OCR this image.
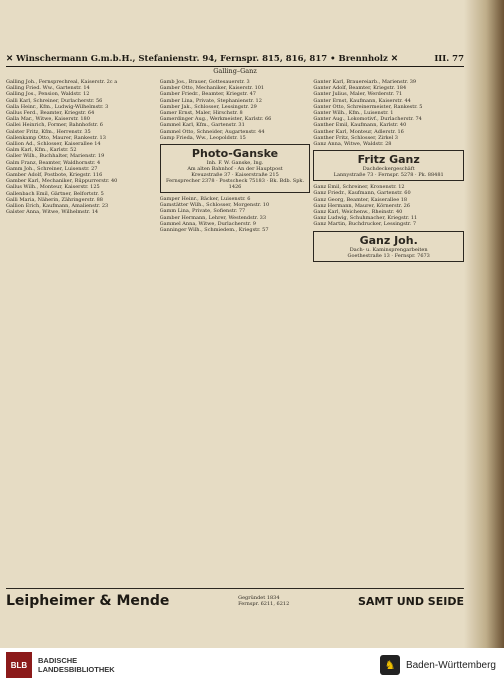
✕ Winschermann G.m.b.H., Stefanienstr. 94, Fernspr. 815, 816, 817 • Brennholz ✕	III. 77
Galling–Ganz

Galling Joh., Fernsprechreal, Kaiserstr. 2c a

Galling Fried. Ww., Gartenstr. 14

Galling Jos., Pension, Waldstr. 12

Galli Karl, Schreiner, Durlacherstr. 56

Galla Heinr., Kfm., Ludwig-Wilhelmstr. 3

Gallus Ferd., Beamter, Kriegstr. 64

Galla Mar., Witwe, Kaiserstr. 180

Gallei Heinrich, Former, Bahnhofstr. 6

Galster Fritz, Kfm., Herrenstr. 35

Gallenkamp Otto, Maurer, Rankestr. 13

Gallion Ad., Schlosser, Kaiserallee 14

Galm Karl, Kfm., Karlstr. 52

Galler Wilh., Buchhalter, Marienstr. 19

Galm Franz, Beamter, Waldhornstr. 4

Gamm Joh., Schreiner, Luisenstr. 27

Gamber Adolf, Postbote, Kriegstr. 116

Gamber Karl, Mechaniker, Rüppurrerstr. 40

Gallus Wilh., Monteur, Kaiserstr. 125

Gallenbach Emil, Gärtner, Belfortstr. 5

Galli Maria, Näherin, Zähringerstr. 88

Gallion Erich, Kaufmann, Amalienstr. 23

Galster Anna, Witwe, Wilhelmstr. 14

Gamb Jos., Brauer, Gottesauerstr. 3

Gamber Otto, Mechaniker, Kaiserstr. 101

Gamber Friedr., Beamter, Kriegstr. 47

Gamber Lina, Private, Stephanienstr. 12

Gamber Jak., Schlosser, Lessingstr. 29

Gamer Ernst, Maler, Hirschstr. 8

Gamerdinger Aug., Werkmeister, Karlstr. 66

Gammel Karl, Kfm., Gartenstr. 31

Gammel Otto, Schneider, Augartenstr. 44

Gamp Frieda, Ww., Leopoldstr. 15

Photo-Ganske
Inh. F. W. Ganske, Ing.
Am alten Bahnhof · An der Hauptpost
Kreuzstraße 37 · Kaiserstraße 215
Fernsprecher 2378 · Postscheck 75183 · Bk. Bdb. Spk. 1426

Gamper Heinr., Bäcker, Luisenstr. 6

Gamstätter Wilh., Schlosser, Morgenstr. 10

Gamm Lina, Private, Sofienstr. 77

Gamber Hermann, Lehrer, Westendstr. 33

Gammel Anna, Witwe, Durlacherstr. 9

Ganninger Wilh., Schmiedem., Kriegstr. 57

Ganter Karl, Brauereiarb., Marienstr. 39

Ganter Adolf, Beamter, Kriegstr. 184

Ganter Julius, Maler, Werderstr. 71

Ganter Ernst, Kaufmann, Kaiserstr. 44

Ganter Otto, Schreinermeister, Rankestr. 5

Ganter Wilh., Kfm., Luisenstr. 1

Ganter Aug., Lokomotivf., Durlacherstr. 74

Ganther Emil, Kaufmann, Karlstr. 40

Ganther Karl, Monteur, Adlerstr. 16

Ganther Fritz, Schlosser, Zirkel 3

Ganz Anna, Witwe, Waldstr. 28

Fritz Ganz
Dachdeckergeschäft
Lannystraße 73 · Fernspr. 5278 · Pk. 88481

Ganz Emil, Schreiner, Kronenstr. 12

Ganz Friedr., Kaufmann, Gartenstr. 60

Ganz Georg, Beamter, Kaiserallee 18

Ganz Hermann, Maurer, Körnerstr. 26

Ganz Karl, Weichenw., Rheinstr. 40

Ganz Ludwig, Schuhmacher, Kriegstr. 11

Ganz Martin, Buchdrucker, Lessingstr. 7

Ganz Joh.
Dach- u. Kaminsprengarbeiten
Goethestraße 13 · Fernspr. 7673
Leipheimer & Mende	Gegründet 1834
Fernspr. 6211, 6212	SAMT UND SEIDE
BLB	BADISCHE
LANDESBIBLIOTHEK	♞	Baden-Württemberg
